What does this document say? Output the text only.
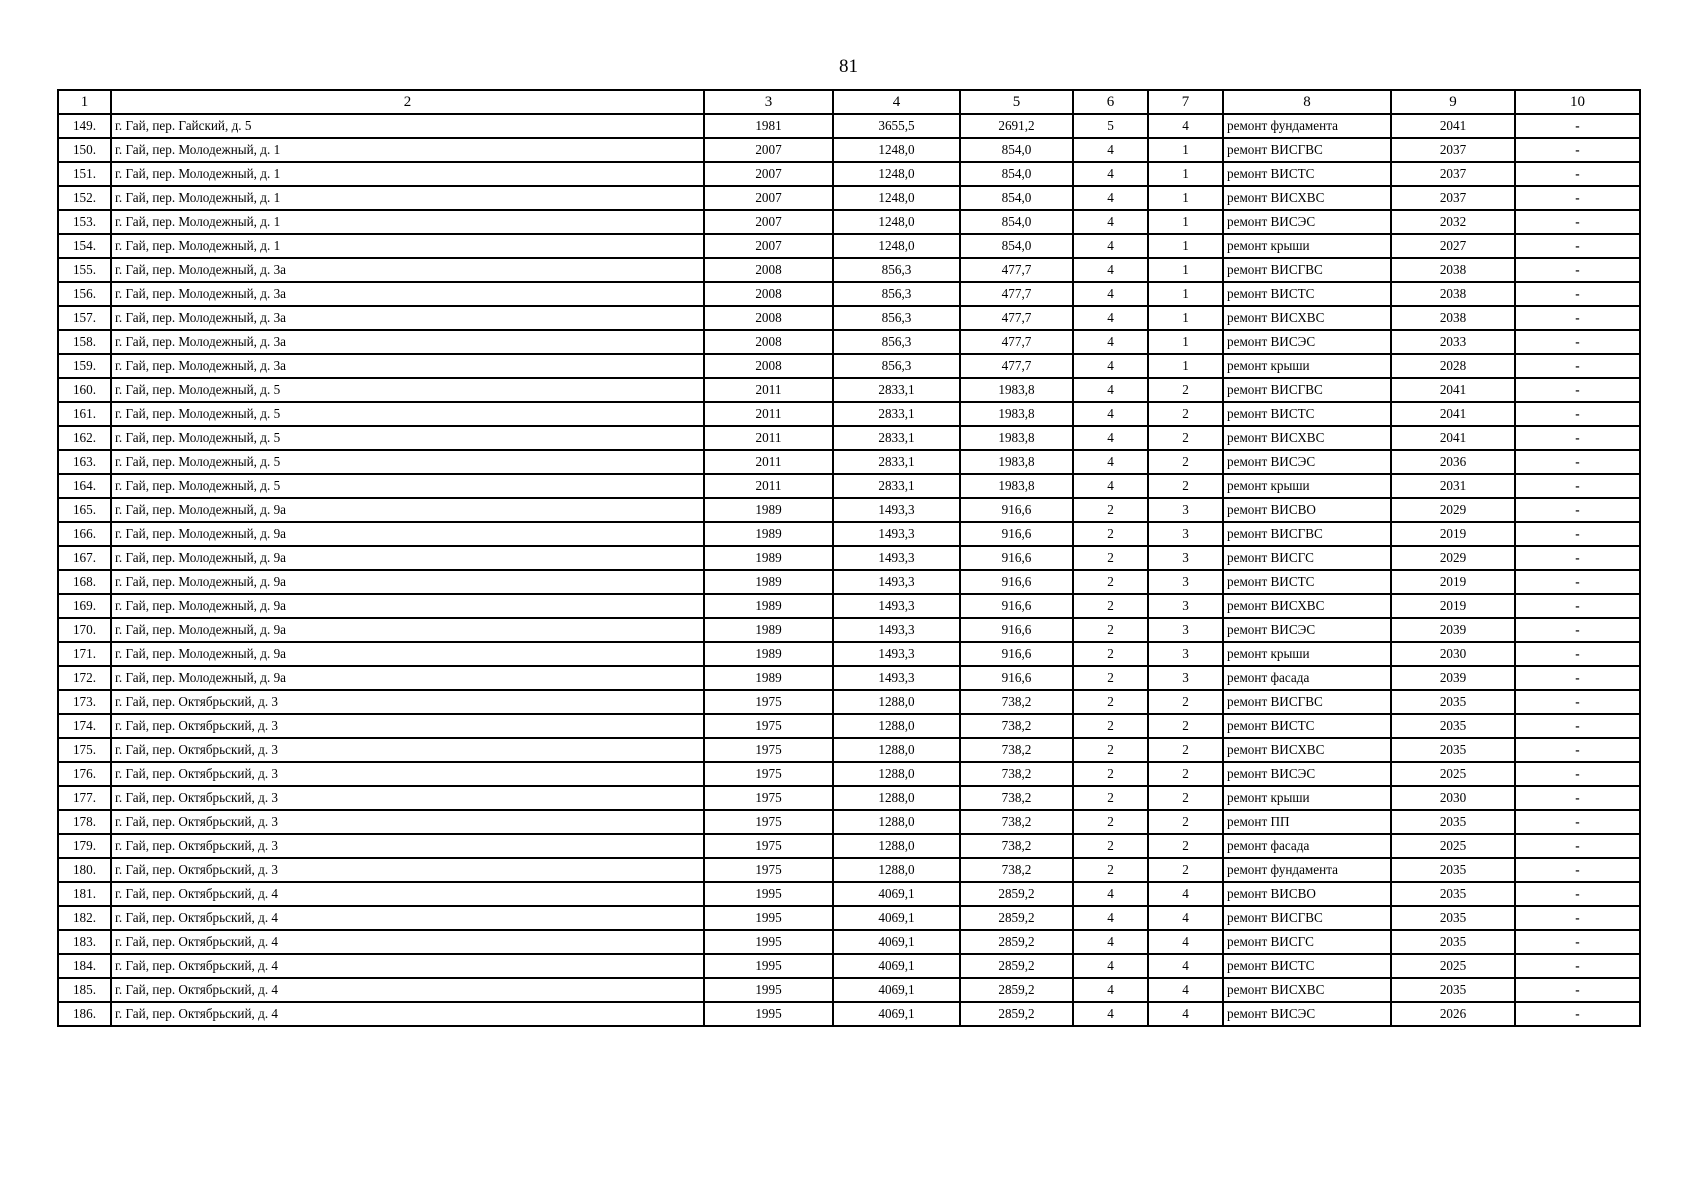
81
1	2	3	4	5	6	7	8	9	10
149.	г. Гай, пер. Гайский, д. 5	1981	3655,5	2691,2	5	4	ремонт фундамента	2041	-
150.	г. Гай, пер. Молодежный, д. 1	2007	1248,0	854,0	4	1	ремонт ВИСГВС	2037	-
151.	г. Гай, пер. Молодежный, д. 1	2007	1248,0	854,0	4	1	ремонт ВИСТС	2037	-
152.	г. Гай, пер. Молодежный, д. 1	2007	1248,0	854,0	4	1	ремонт ВИСХВС	2037	-
153.	г. Гай, пер. Молодежный, д. 1	2007	1248,0	854,0	4	1	ремонт ВИСЭС	2032	-
154.	г. Гай, пер. Молодежный, д. 1	2007	1248,0	854,0	4	1	ремонт крыши	2027	-
155.	г. Гай, пер. Молодежный, д. 3а	2008	856,3	477,7	4	1	ремонт ВИСГВС	2038	-
156.	г. Гай, пер. Молодежный, д. 3а	2008	856,3	477,7	4	1	ремонт ВИСТС	2038	-
157.	г. Гай, пер. Молодежный, д. 3а	2008	856,3	477,7	4	1	ремонт ВИСХВС	2038	-
158.	г. Гай, пер. Молодежный, д. 3а	2008	856,3	477,7	4	1	ремонт ВИСЭС	2033	-
159.	г. Гай, пер. Молодежный, д. 3а	2008	856,3	477,7	4	1	ремонт крыши	2028	-
160.	г. Гай, пер. Молодежный, д. 5	2011	2833,1	1983,8	4	2	ремонт ВИСГВС	2041	-
161.	г. Гай, пер. Молодежный, д. 5	2011	2833,1	1983,8	4	2	ремонт ВИСТС	2041	-
162.	г. Гай, пер. Молодежный, д. 5	2011	2833,1	1983,8	4	2	ремонт ВИСХВС	2041	-
163.	г. Гай, пер. Молодежный, д. 5	2011	2833,1	1983,8	4	2	ремонт ВИСЭС	2036	-
164.	г. Гай, пер. Молодежный, д. 5	2011	2833,1	1983,8	4	2	ремонт крыши	2031	-
165.	г. Гай, пер. Молодежный, д. 9а	1989	1493,3	916,6	2	3	ремонт ВИСВО	2029	-
166.	г. Гай, пер. Молодежный, д. 9а	1989	1493,3	916,6	2	3	ремонт ВИСГВС	2019	-
167.	г. Гай, пер. Молодежный, д. 9а	1989	1493,3	916,6	2	3	ремонт ВИСГС	2029	-
168.	г. Гай, пер. Молодежный, д. 9а	1989	1493,3	916,6	2	3	ремонт ВИСТС	2019	-
169.	г. Гай, пер. Молодежный, д. 9а	1989	1493,3	916,6	2	3	ремонт ВИСХВС	2019	-
170.	г. Гай, пер. Молодежный, д. 9а	1989	1493,3	916,6	2	3	ремонт ВИСЭС	2039	-
171.	г. Гай, пер. Молодежный, д. 9а	1989	1493,3	916,6	2	3	ремонт крыши	2030	-
172.	г. Гай, пер. Молодежный, д. 9а	1989	1493,3	916,6	2	3	ремонт фасада	2039	-
173.	г. Гай, пер. Октябрьский, д. 3	1975	1288,0	738,2	2	2	ремонт ВИСГВС	2035	-
174.	г. Гай, пер. Октябрьский, д. 3	1975	1288,0	738,2	2	2	ремонт ВИСТС	2035	-
175.	г. Гай, пер. Октябрьский, д. 3	1975	1288,0	738,2	2	2	ремонт ВИСХВС	2035	-
176.	г. Гай, пер. Октябрьский, д. 3	1975	1288,0	738,2	2	2	ремонт ВИСЭС	2025	-
177.	г. Гай, пер. Октябрьский, д. 3	1975	1288,0	738,2	2	2	ремонт крыши	2030	-
178.	г. Гай, пер. Октябрьский, д. 3	1975	1288,0	738,2	2	2	ремонт ПП	2035	-
179.	г. Гай, пер. Октябрьский, д. 3	1975	1288,0	738,2	2	2	ремонт фасада	2025	-
180.	г. Гай, пер. Октябрьский, д. 3	1975	1288,0	738,2	2	2	ремонт фундамента	2035	-
181.	г. Гай, пер. Октябрьский, д. 4	1995	4069,1	2859,2	4	4	ремонт ВИСВО	2035	-
182.	г. Гай, пер. Октябрьский, д. 4	1995	4069,1	2859,2	4	4	ремонт ВИСГВС	2035	-
183.	г. Гай, пер. Октябрьский, д. 4	1995	4069,1	2859,2	4	4	ремонт ВИСГС	2035	-
184.	г. Гай, пер. Октябрьский, д. 4	1995	4069,1	2859,2	4	4	ремонт ВИСТС	2025	-
185.	г. Гай, пер. Октябрьский, д. 4	1995	4069,1	2859,2	4	4	ремонт ВИСХВС	2035	-
186.	г. Гай, пер. Октябрьский, д. 4	1995	4069,1	2859,2	4	4	ремонт ВИСЭС	2026	-
